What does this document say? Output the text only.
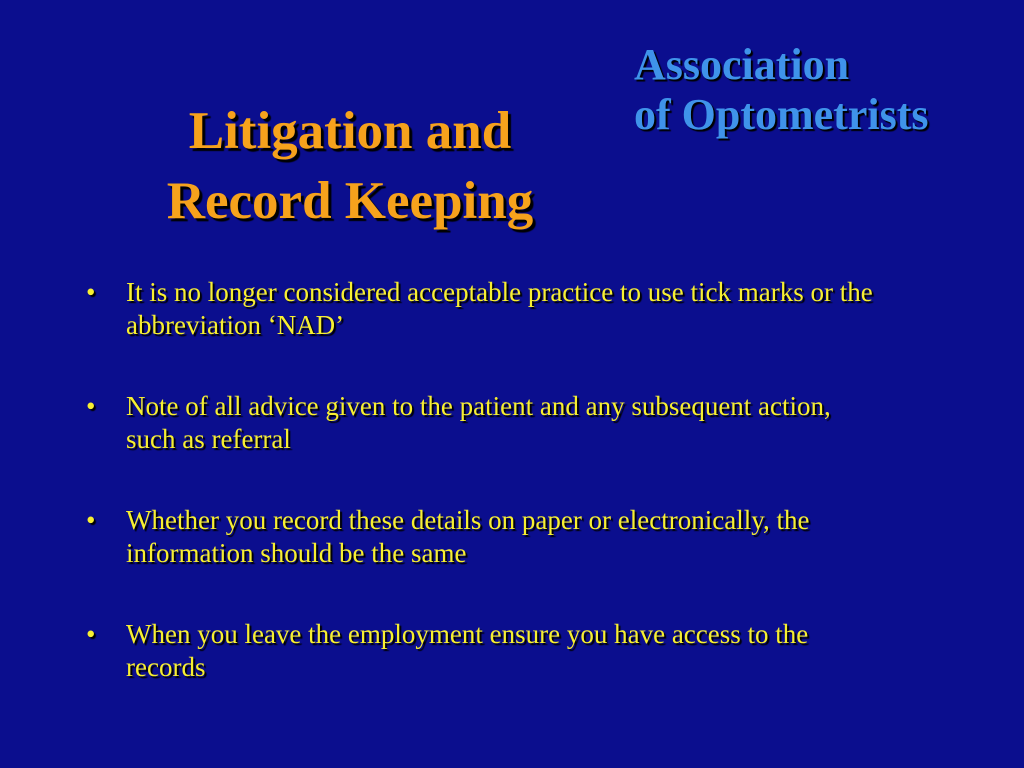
Association
of Optometrists
Litigation and
Record Keeping
•	It is no longer considered acceptable practice to use tick marks or the abbreviation ‘NAD’
•	Note of all advice given to the patient and any subsequent action, such as referral
•	Whether you record these details on paper or electronically, the information should be the same
•	When you leave the employment ensure you have access to the records
